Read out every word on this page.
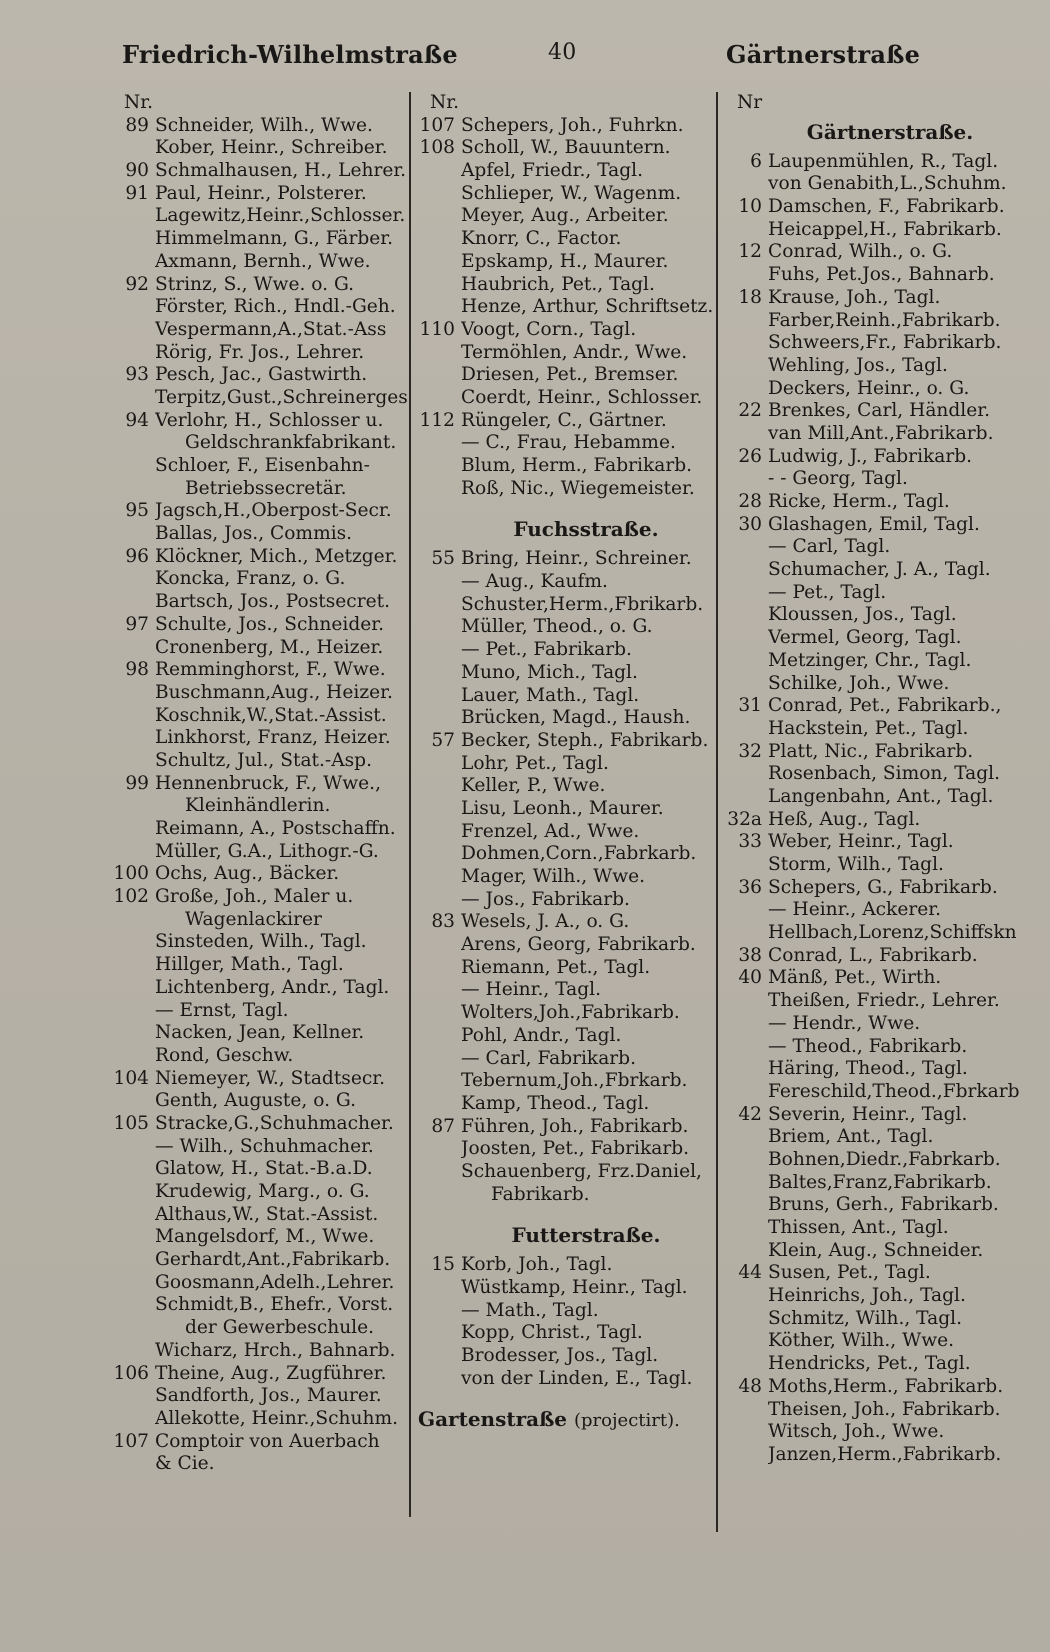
Friedrich-Wilhelmstraße	40	Gärtnerstraße
Nr.
89 Schneider, Wilh., Wwe.
Kober, Heinr., Schreiber.
90 Schmalhausen, H., Lehrer.
91 Paul, Heinr., Polsterer.
Lagewitz,Heinr.,Schlosser.
Himmelmann, G., Färber.
Axmann, Bernh., Wwe.
92 Strinz, S., Wwe. o. G.
Förster, Rich., Hndl.-Geh.
Vespermann,A.,Stat.-Ass
Rörig, Fr. Jos., Lehrer.
93 Pesch, Jac., Gastwirth.
Terpitz,Gust.,Schreinerges
94 Verlohr, H., Schlosser u.
Geldschrankfabrikant.
Schloer, F., Eisenbahn-
Betriebssecretär.
95 Jagsch,H.,Oberpost-Secr.
Ballas, Jos., Commis.
96 Klöckner, Mich., Metzger.
Koncka, Franz, o. G.
Bartsch, Jos., Postsecret.
97 Schulte, Jos., Schneider.
Cronenberg, M., Heizer.
98 Remminghorst, F., Wwe.
Buschmann,Aug., Heizer.
Koschnik,W.,Stat.-Assist.
Linkhorst, Franz, Heizer.
Schultz, Jul., Stat.-Asp.
99 Hennenbruck, F., Wwe.,
Kleinhändlerin.
Reimann, A., Postschaffn.
Müller, G.A., Lithogr.-G.
100 Ochs, Aug., Bäcker.
102 Große, Joh., Maler u.
Wagenlackirer
Sinsteden, Wilh., Tagl.
Hillger, Math., Tagl.
Lichtenberg, Andr., Tagl.
— Ernst, Tagl.
Nacken, Jean, Kellner.
Rond, Geschw.
104 Niemeyer, W., Stadtsecr.
Genth, Auguste, o. G.
105 Stracke,G.,Schuhmacher.
— Wilh., Schuhmacher.
Glatow, H., Stat.-B.a.D.
Krudewig, Marg., o. G.
Althaus,W., Stat.-Assist.
Mangelsdorf, M., Wwe.
Gerhardt,Ant.,Fabrikarb.
Goosmann,Adelh.,Lehrer.
Schmidt,B., Ehefr., Vorst.
der Gewerbeschule.
Wicharz, Hrch., Bahnarb.
106 Theine, Aug., Zugführer.
Sandforth, Jos., Maurer.
Allekotte, Heinr.,Schuhm.
107 Comptoir von Auerbach
& Cie.
Nr.
107 Schepers, Joh., Fuhrkn.
108 Scholl, W., Bauuntern.
Apfel, Friedr., Tagl.
Schlieper, W., Wagenm.
Meyer, Aug., Arbeiter.
Knorr, C., Factor.
Epskamp, H., Maurer.
Haubrich, Pet., Tagl.
Henze, Arthur, Schriftsetz.
110 Voogt, Corn., Tagl.
Termöhlen, Andr., Wwe.
Driesen, Pet., Bremser.
Coerdt, Heinr., Schlosser.
112 Rüngeler, C., Gärtner.
— C., Frau, Hebamme.
Blum, Herm., Fabrikarb.
Roß, Nic., Wiegemeister.
Fuchsstraße.
55 Bring, Heinr., Schreiner.
— Aug., Kaufm.
Schuster,Herm.,Fbrikarb.
Müller, Theod., o. G.
— Pet., Fabrikarb.
Muno, Mich., Tagl.
Lauer, Math., Tagl.
Brücken, Magd., Haush.
57 Becker, Steph., Fabrikarb.
Lohr, Pet., Tagl.
Keller, P., Wwe.
Lisu, Leonh., Maurer.
Frenzel, Ad., Wwe.
Dohmen,Corn.,Fabrkarb.
Mager, Wilh., Wwe.
— Jos., Fabrikarb.
83 Wesels, J. A., o. G.
Arens, Georg, Fabrikarb.
Riemann, Pet., Tagl.
— Heinr., Tagl.
Wolters,Joh.,Fabrikarb.
Pohl, Andr., Tagl.
— Carl, Fabrikarb.
Tebernum,Joh.,Fbrkarb.
Kamp, Theod., Tagl.
87 Führen, Joh., Fabrikarb.
Joosten, Pet., Fabrikarb.
Schauenberg, Frz.Daniel,
Fabrikarb.
Futterstraße.
15 Korb, Joh., Tagl.
Wüstkamp, Heinr., Tagl.
— Math., Tagl.
Kopp, Christ., Tagl.
Brodesser, Jos., Tagl.
von der Linden, E., Tagl.
Gartenstraße (projectirt).
Nr
Gärtnerstraße.
6 Laupenmühlen, R., Tagl.
von Genabith,L.,Schuhm.
10 Damschen, F., Fabrikarb.
Heicappel,H., Fabrikarb.
12 Conrad, Wilh., o. G.
Fuhs, Pet.Jos., Bahnarb.
18 Krause, Joh., Tagl.
Farber,Reinh.,Fabrikarb.
Schweers,Fr., Fabrikarb.
Wehling, Jos., Tagl.
Deckers, Heinr., o. G.
22 Brenkes, Carl, Händler.
van Mill,Ant.,Fabrikarb.
26 Ludwig, J., Fabrikarb.
- - Georg, Tagl.
28 Ricke, Herm., Tagl.
30 Glashagen, Emil, Tagl.
— Carl, Tagl.
Schumacher, J. A., Tagl.
— Pet., Tagl.
Kloussen, Jos., Tagl.
Vermel, Georg, Tagl.
Metzinger, Chr., Tagl.
Schilke, Joh., Wwe.
31 Conrad, Pet., Fabrikarb.,
Hackstein, Pet., Tagl.
32 Platt, Nic., Fabrikarb.
Rosenbach, Simon, Tagl.
Langenbahn, Ant., Tagl.
32a Heß, Aug., Tagl.
33 Weber, Heinr., Tagl.
Storm, Wilh., Tagl.
36 Schepers, G., Fabrikarb.
— Heinr., Ackerer.
Hellbach,Lorenz,Schiffskn
38 Conrad, L., Fabrikarb.
40 Mänß, Pet., Wirth.
Theißen, Friedr., Lehrer.
— Hendr., Wwe.
— Theod., Fabrikarb.
Häring, Theod., Tagl.
Fereschild,Theod.,Fbrkarb
42 Severin, Heinr., Tagl.
Briem, Ant., Tagl.
Bohnen,Diedr.,Fabrkarb.
Baltes,Franz,Fabrikarb.
Bruns, Gerh., Fabrikarb.
Thissen, Ant., Tagl.
Klein, Aug., Schneider.
44 Susen, Pet., Tagl.
Heinrichs, Joh., Tagl.
Schmitz, Wilh., Tagl.
Köther, Wilh., Wwe.
Hendricks, Pet., Tagl.
48 Moths,Herm., Fabrikarb.
Theisen, Joh., Fabrikarb.
Witsch, Joh., Wwe.
Janzen,Herm.,Fabrikarb.
